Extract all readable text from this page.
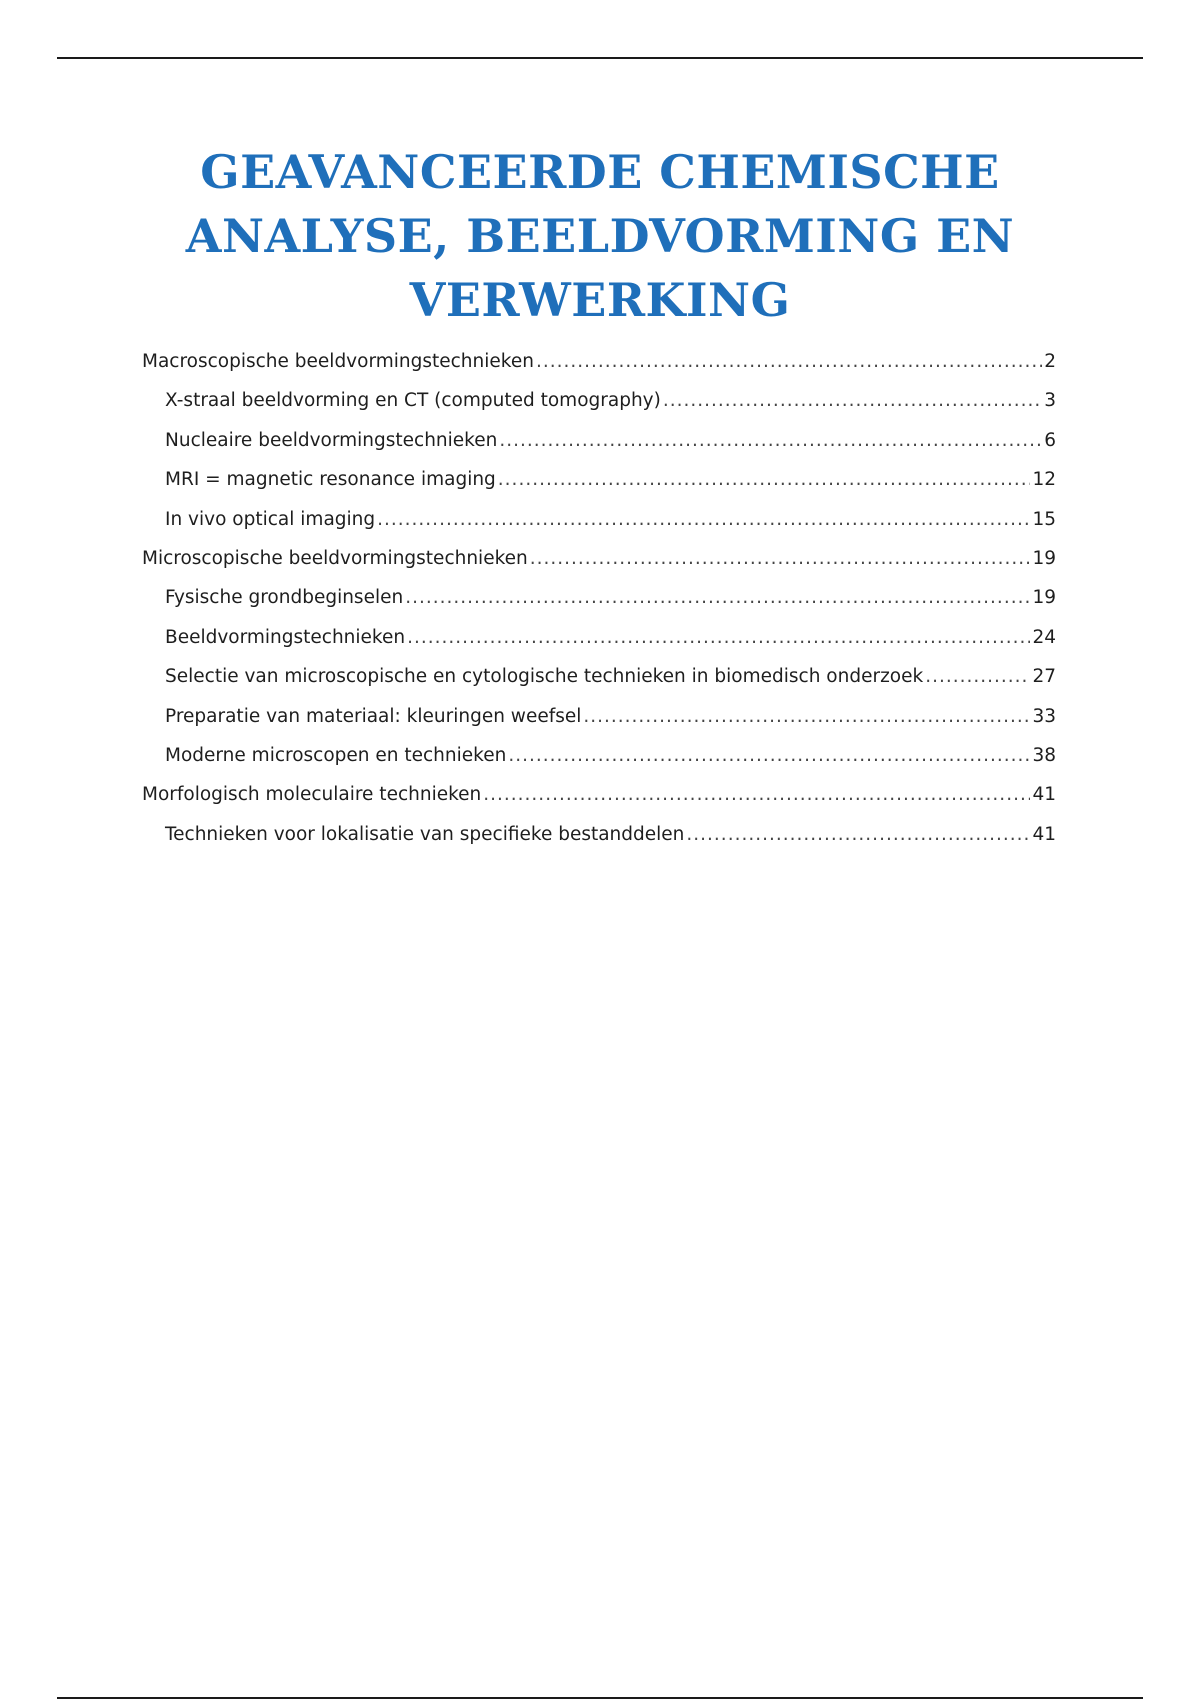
GEAVANCEERDE CHEMISCHE
ANALYSE, BEELDVORMING EN
VERWERKING
Macroscopische beeldvormingstechnieken .....	2
X-straal beeldvorming en CT (computed tomography) .....	3
Nucleaire beeldvormingstechnieken .....	6
MRI = magnetic resonance imaging .....	12
In vivo optical imaging .....	15
Microscopische beeldvormingstechnieken .....	19
Fysische grondbeginselen .....	19
Beeldvormingstechnieken .....	24
Selectie van microscopische en cytologische technieken in biomedisch onderzoek .....	27
Preparatie van materiaal: kleuringen weefsel .....	33
Moderne microscopen en technieken .....	38
Morfologisch moleculaire technieken .....	41
Technieken voor lokalisatie van specifieke bestanddelen .....	41
